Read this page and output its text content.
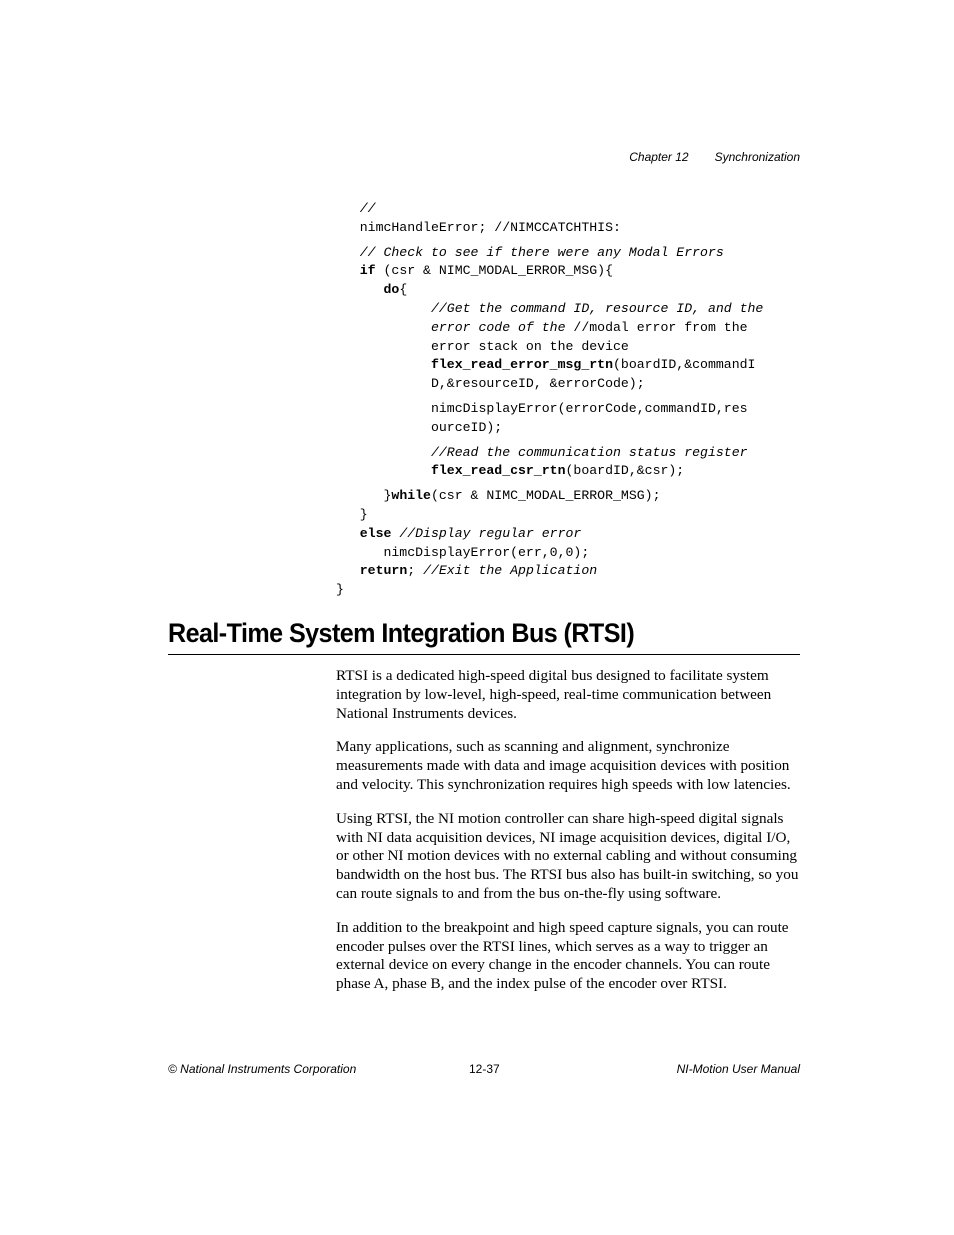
Chapter 12 Synchronization
//
nimcHandleError; //NIMCCATCHTHIS:

// Check to see if there were any Modal Errors
if (csr & NIMC_MODAL_ERROR_MSG){
do{
//Get the command ID, resource ID, and the
error code of the //modal error from the
error stack on the device
flex_read_error_msg_rtn(boardID,&commandI
D,&resourceID, &errorCode);

nimcDisplayError(errorCode,commandID,res
ourceID);

//Read the communication status register
flex_read_csr_rtn(boardID,&csr);

}while(csr & NIMC_MODAL_ERROR_MSG);
}
else //Display regular error
nimcDisplayError(err,0,0);
return; //Exit the Application
}

Real-Time System Integration Bus (RTSI)

RTSI is a dedicated high-speed digital bus designed to facilitate system integration by low-level, high-speed, real-time communication between National Instruments devices.

Many applications, such as scanning and alignment, synchronize measurements made with data and image acquisition devices with position and velocity. This synchronization requires high speeds with low latencies.

Using RTSI, the NI motion controller can share high-speed digital signals with NI data acquisition devices, NI image acquisition devices, digital I/O, or other NI motion devices with no external cabling and without consuming bandwidth on the host bus. The RTSI bus also has built-in switching, so you can route signals to and from the bus on-the-fly using software.

In addition to the breakpoint and high speed capture signals, you can route encoder pulses over the RTSI lines, which serves as a way to trigger an external device on every change in the encoder channels. You can route phase A, phase B, and the index pulse of the encoder over RTSI.

© National Instruments Corporation	12-37	NI-Motion User Manual
